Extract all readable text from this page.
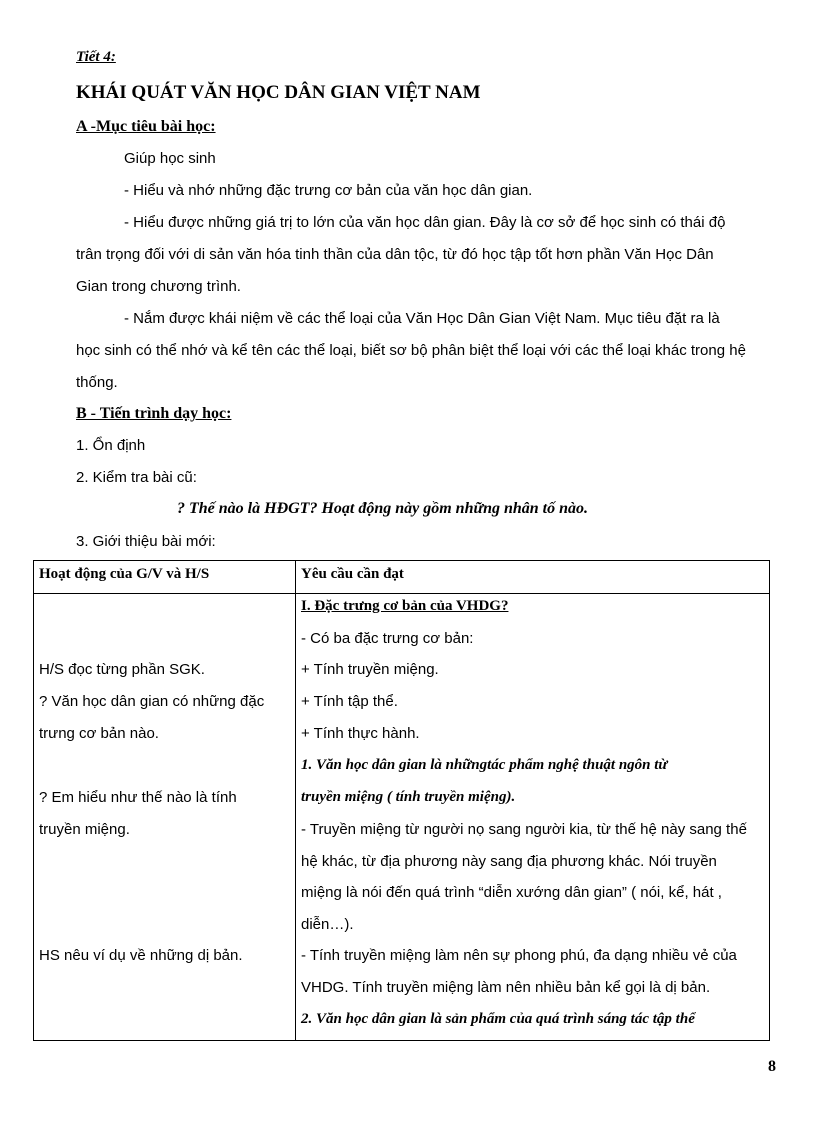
Tiết 4:
KHÁI QUÁT VĂN HỌC DÂN GIAN VIỆT NAM
A -Mục tiêu bài học:
Giúp học sinh
- Hiểu và nhớ những đặc trưng cơ bản của văn học dân gian.
- Hiểu được những giá trị to lớn của văn học dân gian. Đây là cơ sở để học sinh có thái độ
trân trọng đối với di sản văn hóa tinh thần của dân tộc, từ đó học tập tốt hơn phần Văn Học Dân
Gian trong chương trình.
- Nắm được khái niệm về các thể loại của Văn Học Dân Gian Việt Nam. Mục tiêu đặt ra là
học sinh có thể nhớ và kể tên các thể loại, biết sơ bộ phân biệt thể loại với các thể loại khác trong hệ
thống.
B - Tiến trình dạy học:
1. Ổn định
2. Kiểm tra bài cũ:
? Thế nào là HĐGT? Hoạt động này gồm những nhân tố nào.
3. Giới thiệu bài mới:
Hoạt động của G/V và H/S	Yêu cầu cần đạt
H/S đọc từng phần SGK.
? Văn học dân gian có những đặc
trưng cơ bản nào.
? Em hiểu như thế nào là tính
truyền miệng.
HS nêu ví dụ về những dị bản.
I. Đặc trưng cơ bản của VHDG?
- Có ba đặc trưng cơ bản:
+ Tính truyền miệng.
+ Tính tập thể.
+ Tính thực hành.
1. Văn học dân gian là nhữngtác phẩm nghệ thuật ngôn từ
truyền miệng ( tính truyền miệng).
- Truyền miệng từ người nọ sang người kia, từ thế hệ này sang thế
hệ khác, từ địa phương này sang địa phương khác. Nói truyền
miệng là nói đến quá trình “diễn xướng dân gian” ( nói, kể, hát ,
diễn…).
- Tính truyền miệng làm nên sự phong phú, đa dạng nhiều vẻ của
VHDG. Tính truyền miệng làm nên nhiều bản kể gọi là dị bản.
2. Văn học dân gian là sản phẩm của quá trình sáng tác tập thể
8
